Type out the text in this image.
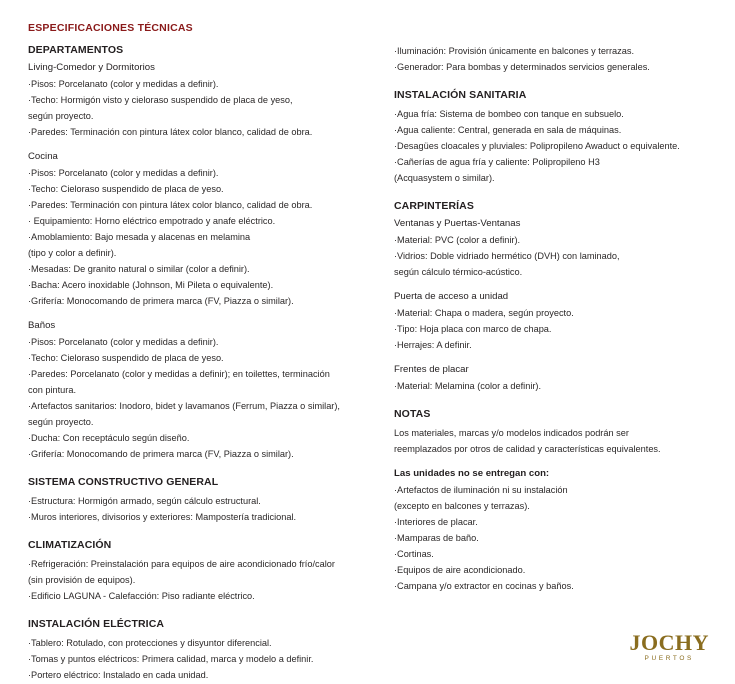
ESPECIFICACIONES TÉCNICAS
DEPARTAMENTOS
Living-Comedor y Dormitorios

·Pisos: Porcelanato (color y medidas a definir).

·Techo: Hormigón visto y cieloraso suspendido de placa de yeso,

según proyecto.

·Paredes: Terminación con pintura látex color blanco, calidad de obra.

Cocina

·Pisos: Porcelanato (color y medidas a definir).

·Techo: Cieloraso suspendido de placa de yeso.

·Paredes: Terminación con pintura látex color blanco, calidad de obra.

· Equipamiento: Horno eléctrico empotrado y anafe eléctrico.

·Amoblamiento: Bajo mesada y alacenas en melamina

(tipo y color a definir).

·Mesadas: De granito natural o similar (color a definir).

·Bacha: Acero inoxidable (Johnson, Mi Pileta o equivalente).

·Grifería: Monocomando de primera marca (FV, Piazza o similar).

Baños

·Pisos: Porcelanato (color y medidas a definir).

·Techo: Cieloraso suspendido de placa de yeso.

·Paredes: Porcelanato (color y medidas a definir); en toilettes, terminación

con pintura.

·Artefactos sanitarios: Inodoro, bidet y lavamanos (Ferrum, Piazza o similar),

según proyecto.

·Ducha: Con receptáculo según diseño.

·Grifería: Monocomando de primera marca (FV, Piazza o similar).

SISTEMA CONSTRUCTIVO GENERAL

·Estructura: Hormigón armado, según cálculo estructural.

·Muros interiores, divisorios y exteriores: Mampostería tradicional.

CLIMATIZACIÓN

·Refrigeración: Preinstalación para equipos de aire acondicionado frío/calor

(sin provisión de equipos).

·Edificio LAGUNA - Calefacción: Piso radiante eléctrico.

INSTALACIÓN ELÉCTRICA

·Tablero: Rotulado, con protecciones y disyuntor diferencial.

·Tomas y puntos eléctricos: Primera calidad, marca y modelo a definir.

·Portero eléctrico: Instalado en cada unidad.

·Iluminación: Provisión únicamente en balcones y terrazas.

·Generador: Para bombas y determinados servicios generales.

INSTALACIÓN SANITARIA

·Agua fría: Sistema de bombeo con tanque en subsuelo.

·Agua caliente: Central, generada en sala de máquinas.

·Desagües cloacales y pluviales: Polipropileno Awaduct o equivalente.

·Cañerías de agua fría y caliente: Polipropileno H3

(Acquasystem o similar).

CARPINTERÍAS
Ventanas y Puertas-Ventanas

·Material: PVC (color a definir).

·Vidrios: Doble vidriado hermético (DVH) con laminado,

según cálculo térmico-acústico.

Puerta de acceso a unidad

·Material: Chapa o madera, según proyecto.

·Tipo: Hoja placa con marco de chapa.

·Herrajes: A definir.

Frentes de placar

·Material: Melamina (color a definir).

NOTAS

Los materiales, marcas y/o modelos indicados podrán ser

reemplazados por otros de calidad y características equivalentes.

Las unidades no se entregan con:

·Artefactos de iluminación ni su instalación

(excepto en balcones y terrazas).

·Interiores de placar.

·Mamparas de baño.

·Cortinas.

·Equipos de aire acondicionado.

·Campana y/o extractor en cocinas y baños.

JOCHY
PUERTOS
